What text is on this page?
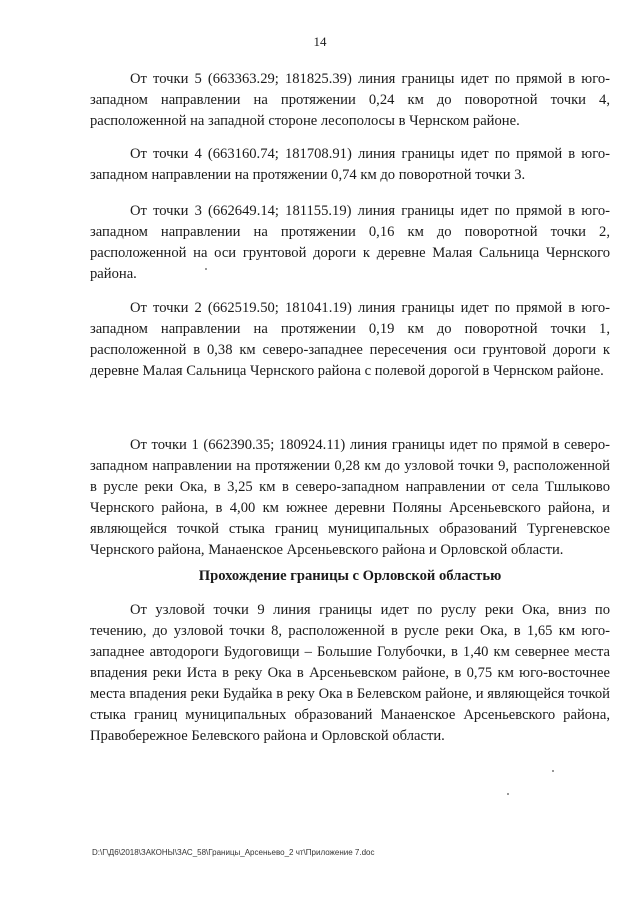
14

От точки 5 (663363.29; 181825.39) линия границы идет по прямой в юго-западном направлении на протяжении 0,24 км до поворотной точки 4, расположенной на западной стороне лесополосы в Чернском районе.

От точки 4 (663160.74; 181708.91) линия границы идет по прямой в юго-западном направлении на протяжении 0,74 км до поворотной точки 3.

От точки 3 (662649.14; 181155.19) линия границы идет по прямой в юго-западном направлении на протяжении 0,16 км до поворотной точки 2, расположенной на оси грунтовой дороги к деревне Малая Сальница Чернского района.

От точки 2 (662519.50; 181041.19) линия границы идет по прямой в юго-западном направлении на протяжении 0,19 км до поворотной точки 1, расположенной в 0,38 км северо-западнее пересечения оси грунтовой дороги к деревне Малая Сальница Чернского района с полевой дорогой в Чернском районе.

От точки 1 (662390.35; 180924.11) линия границы идет по прямой в северо-западном направлении на протяжении 0,28 км до узловой точки 9, расположенной в русле реки Ока, в 3,25 км в северо-западном направлении от села Тшлыково Чернского района, в 4,00 км южнее деревни Поляны Арсеньевского района, и являющейся точкой стыка границ муниципальных образований Тургеневское Чернского района, Манаенское Арсеньевского района и Орловской области.

Прохождение границы с Орловской областью

От узловой точки 9 линия границы идет по руслу реки Ока, вниз по течению, до узловой точки 8, расположенной в русле реки Ока, в 1,65 км юго-западнее автодороги Будоговищи – Большие Голубочки, в 1,40 км севернее места впадения реки Иста в реку Ока в Арсеньевском районе, в 0,75 км юго-восточнее места впадения реки Будайка в реку Ока в Белевском районе, и являющейся точкой стыка границ муниципальных образований Манаенское Арсеньевского района, Правобережное Белевского района и Орловской области.

D:\Г\Д6\2018\ЗАКОНЫ\ЗАС_58\Границы_Арсеньево_2 чт\Приложение 7.doc
